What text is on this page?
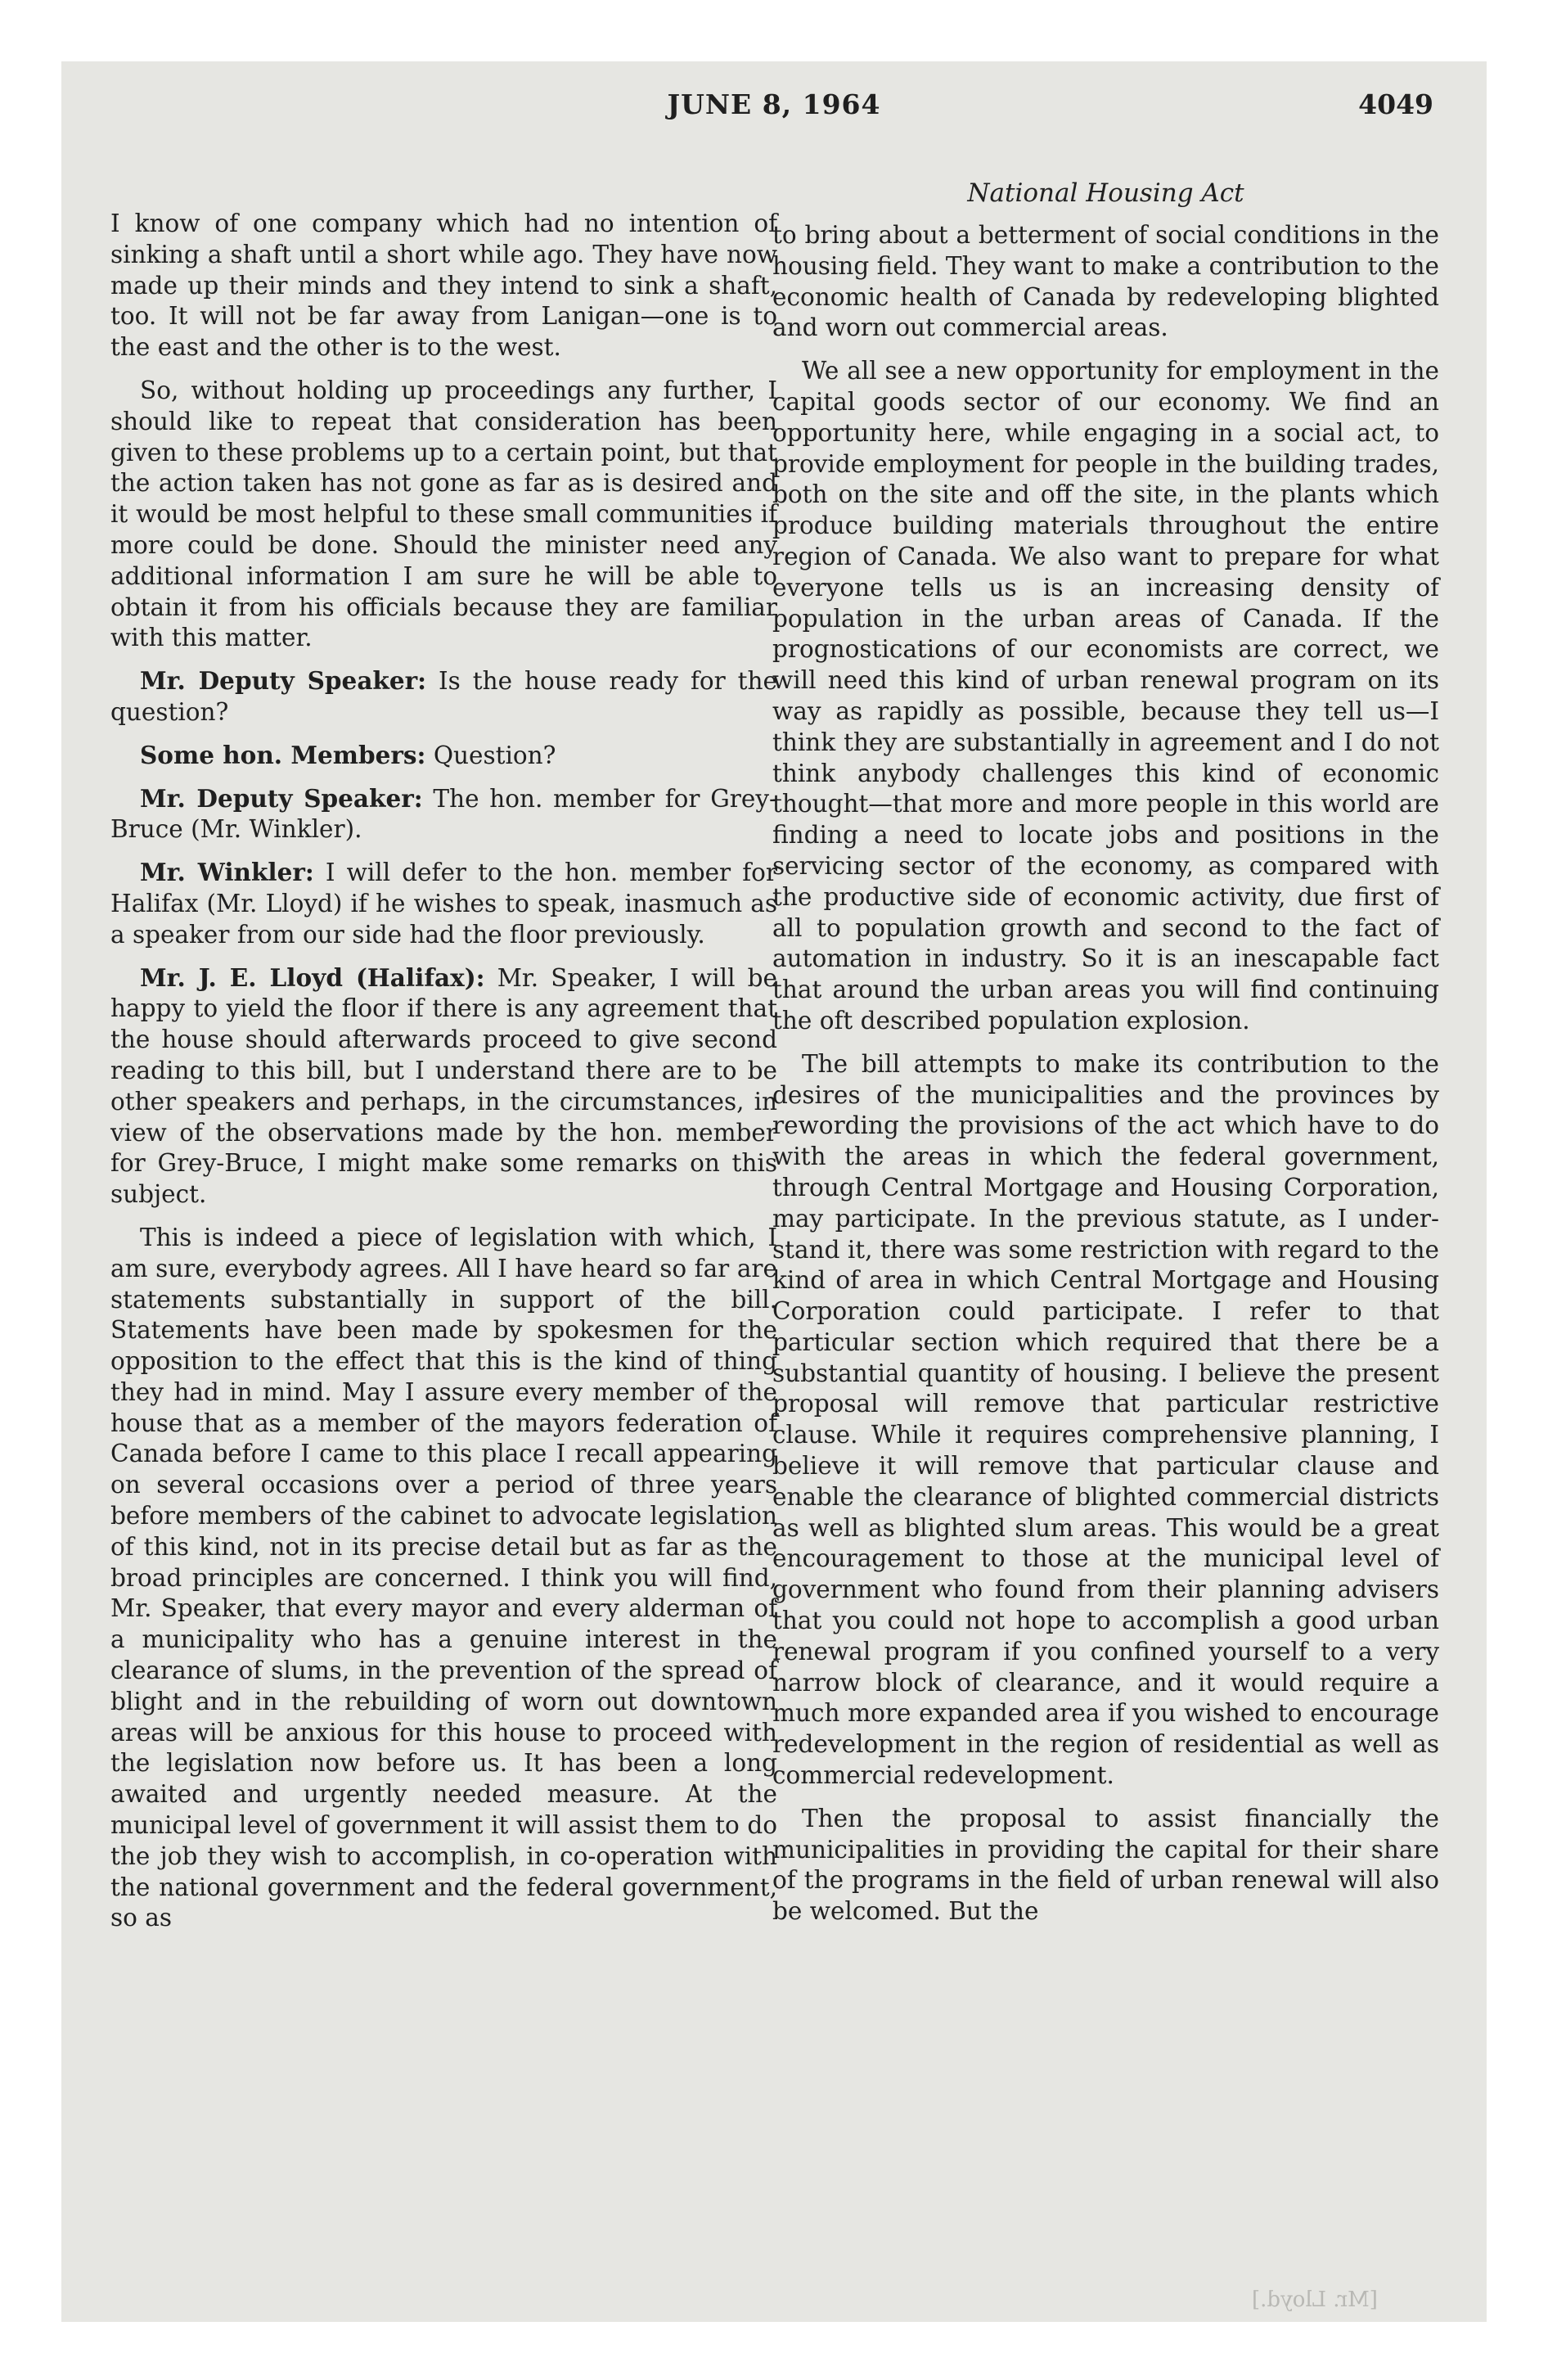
JUNE 8, 1964	4049

I know of one company which had no intention of sinking a shaft until a short while ago. They have now made up their minds and they intend to sink a shaft, too. It will not be far away from Lanigan—one is to the east and the other is to the west.

So, without holding up proceedings any further, I should like to repeat that consideration has been given to these problems up to a certain point, but that the action taken has not gone as far as is desired and it would be most helpful to these small communities if more could be done. Should the minister need any additional information I am sure he will be able to obtain it from his officials because they are familiar with this matter.

Mr. Deputy Speaker: Is the house ready for the question?

Some hon. Members: Question?

Mr. Deputy Speaker: The hon. member for Grey-Bruce (Mr. Winkler).

Mr. Winkler: I will defer to the hon. member for Halifax (Mr. Lloyd) if he wishes to speak, inasmuch as a speaker from our side had the floor previously.

Mr. J. E. Lloyd (Halifax): Mr. Speaker, I will be happy to yield the floor if there is any agreement that the house should afterwards proceed to give second reading to this bill, but I understand there are to be other speakers and perhaps, in the circumstances, in view of the observations made by the hon. member for Grey-Bruce, I might make some remarks on this subject.

This is indeed a piece of legislation with which, I am sure, everybody agrees. All I have heard so far are statements substantially in support of the bill. Statements have been made by spokesmen for the opposition to the effect that this is the kind of thing they had in mind. May I assure every member of the house that as a member of the mayors federation of Canada before I came to this place I recall appearing on several occasions over a period of three years before members of the cabinet to advocate legislation of this kind, not in its precise detail but as far as the broad principles are concerned. I think you will find, Mr. Speaker, that every mayor and every alderman of a municipality who has a genuine interest in the clearance of slums, in the prevention of the spread of blight and in the rebuilding of worn out downtown areas will be anxious for this house to proceed with the legislation now before us. It has been a long awaited and urgently needed measure. At the municipal level of government it will assist them to do the job they wish to accomplish, in co-operation with the national government and the federal government, so as

National Housing Act

to bring about a betterment of social conditions in the housing field. They want to make a contribution to the economic health of Canada by redeveloping blighted and worn out commercial areas.

We all see a new opportunity for employment in the capital goods sector of our economy. We find an opportunity here, while engaging in a social act, to provide employment for people in the building trades, both on the site and off the site, in the plants which produce building materials throughout the entire region of Canada. We also want to prepare for what everyone tells us is an increasing density of population in the urban areas of Canada. If the prognostications of our economists are correct, we will need this kind of urban renewal program on its way as rapidly as possible, because they tell us—I think they are substantially in agreement and I do not think anybody challenges this kind of economic thought—that more and more people in this world are finding a need to locate jobs and positions in the servicing sector of the economy, as compared with the productive side of economic activity, due first of all to population growth and second to the fact of automation in industry. So it is an inescapable fact that around the urban areas you will find continuing the oft described population explosion.

The bill attempts to make its contribution to the desires of the municipalities and the provinces by rewording the provisions of the act which have to do with the areas in which the federal government, through Central Mortgage and Housing Corporation, may participate. In the previous statute, as I understand it, there was some restriction with regard to the kind of area in which Central Mortgage and Housing Corporation could participate. I refer to that particular section which required that there be a substantial quantity of housing. I believe the present proposal will remove that particular restrictive clause. While it requires comprehensive planning, I believe it will remove that particular clause and enable the clearance of blighted commercial districts as well as blighted slum areas. This would be a great encouragement to those at the municipal level of government who found from their planning advisers that you could not hope to accomplish a good urban renewal program if you confined yourself to a very narrow block of clearance, and it would require a much more expanded area if you wished to encourage redevelopment in the region of residential as well as commercial redevelopment.

Then the proposal to assist financially the municipalities in providing the capital for their share of the programs in the field of urban renewal will also be welcomed. But the

[Mr. Lloyd.]
